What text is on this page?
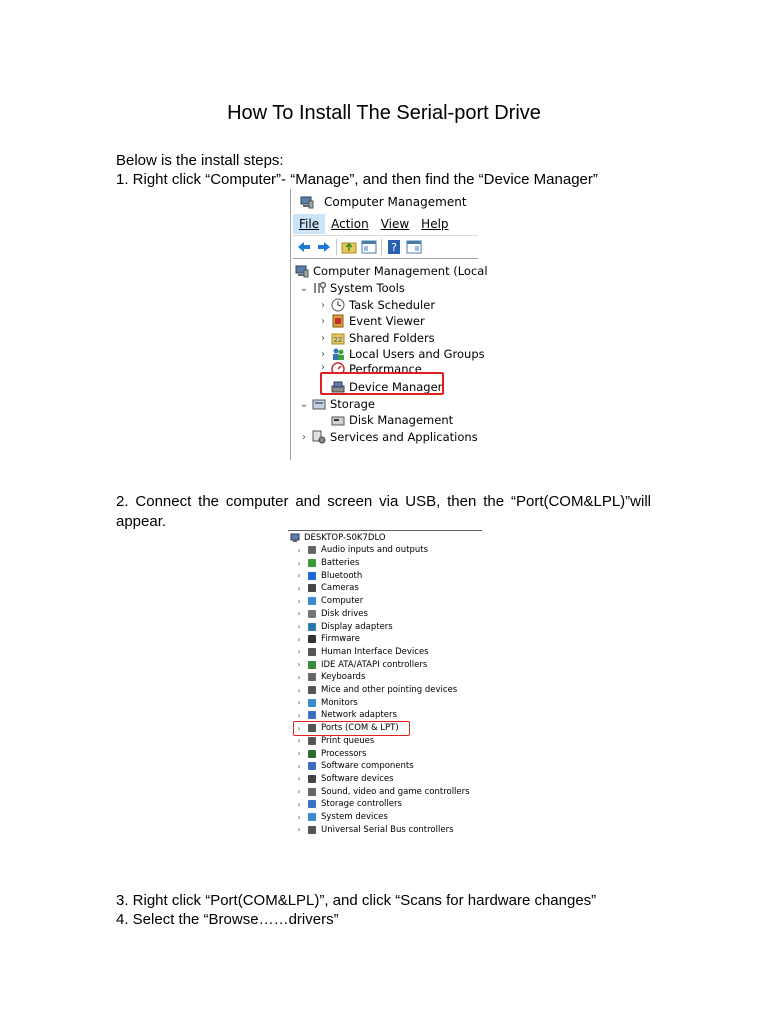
How To Install The Serial-port Drive
Below is the install steps:
1. Right click “Computer”- “Manage”, and then find the “Device Manager”
Computer Management
File	Action	View	Help
?
Computer Management (Local
⌄ System Tools
›	Task Scheduler
›	Event Viewer
›	22 Shared Folders
›	Local Users and Groups
›	Performance
Device Manager
⌄ Storage
Disk Management
›	Services and Applications
2. Connect the computer and screen via USB, then the “Port(COM&LPL)”will appear.
DESKTOP-S0K7DLO
›	Audio inputs and outputs
›	Batteries
›	Bluetooth
›	Cameras
›	Computer
›	Disk drives
›	Display adapters
›	Firmware
›	Human Interface Devices
›	IDE ATA/ATAPI controllers
›	Keyboards
›	Mice and other pointing devices
›	Monitors
›	Network adapters
›	Ports (COM & LPT)
›	Print queues
›	Processors
›	Software components
›	Software devices
›	Sound, video and game controllers
›	Storage controllers
›	System devices
›	Universal Serial Bus controllers
3. Right click “Port(COM&LPL)”, and click “Scans for hardware changes”
4. Select the “Browse……drivers”
